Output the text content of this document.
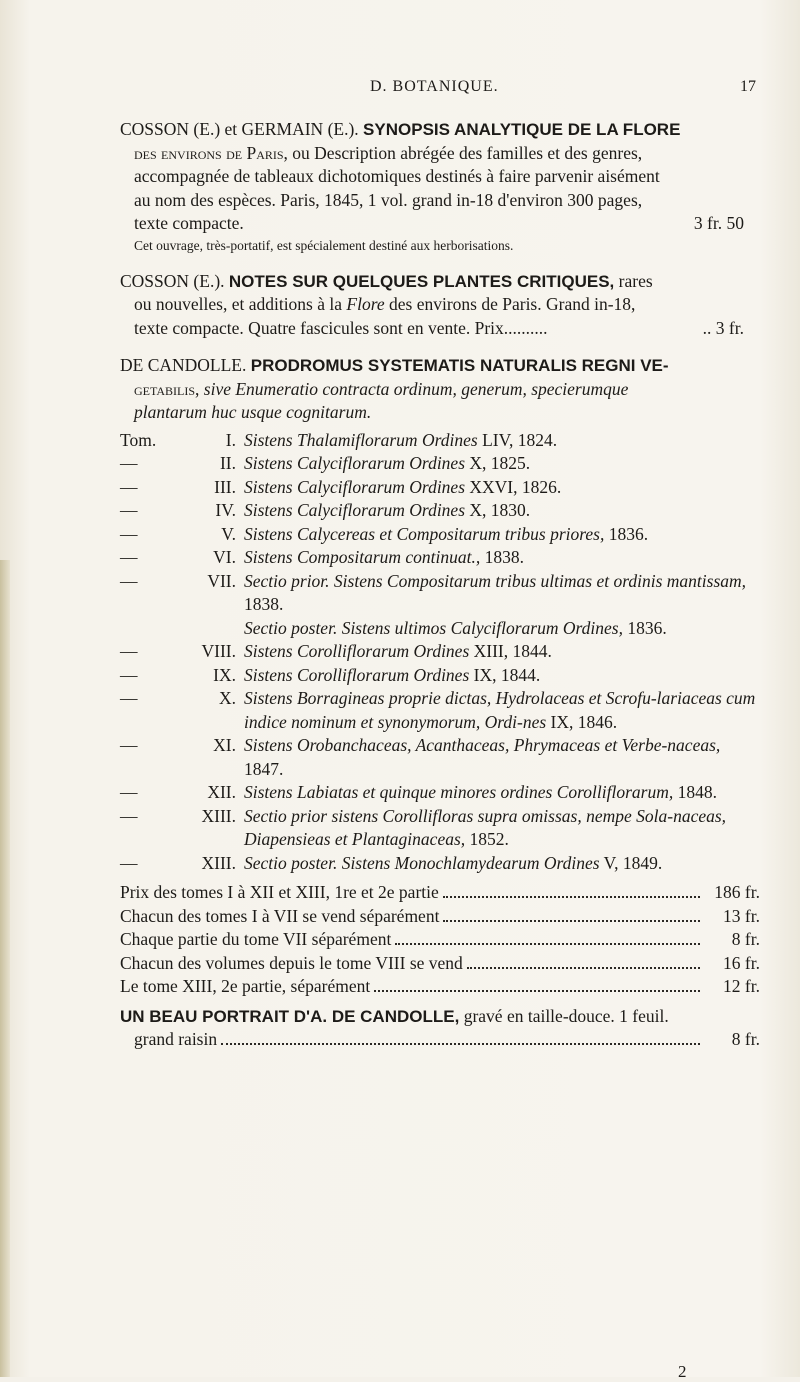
D. BOTANIQUE.	17

COSSON (E.) et GERMAIN (E.). SYNOPSIS ANALYTIQUE DE LA FLORE

des environs de Paris, ou Description abrégée des familles et des genres,

accompagnée de tableaux dichotomiques destinés à faire parvenir aisément

au nom des espèces. Paris, 1845, 1 vol. grand in-18 d'environ 300 pages,

texte compacte.	3 fr. 50

Cet ouvrage, très-portatif, est spécialement destiné aux herborisations.

COSSON (E.). NOTES SUR QUELQUES PLANTES CRITIQUES, rares

ou nouvelles, et additions à la Flore des environs de Paris. Grand in-18,

texte compacte. Quatre fascicules sont en vente. Prix..........	.. 3 fr.

DE CANDOLLE. PRODROMUS SYSTEMATIS NATURALIS REGNI VE-

getabilis, sive Enumeratio contracta ordinum, generum, specierumque

plantarum huc usque cognitarum.

Tom.	I. Sistens Thalamiflorarum Ordines LIV, 1824.
—	II. Sistens Calyciflorarum Ordines X, 1825.
—	III. Sistens Calyciflorarum Ordines XXVI, 1826.
—	IV. Sistens Calyciflorarum Ordines X, 1830.
—	V. Sistens Calycereas et Compositarum tribus priores, 1836.
—	VI. Sistens Compositarum continuat., 1838.
—	VII. Sectio prior. Sistens Compositarum tribus ultimas et ordinis mantissam, 1838.
Sectio poster. Sistens ultimos Calyciflorarum Ordines, 1836.
—	VIII. Sistens Corolliflorarum Ordines XIII, 1844.
—	IX. Sistens Corolliflorarum Ordines IX, 1844.
—	X. Sistens Borragineas proprie dictas, Hydrolaceas et Scrofu-lariaceas cum indice nominum et synonymorum, Ordi-nes IX, 1846.
—	XI. Sistens Orobanchaceas, Acanthaceas, Phrymaceas et Verbe-naceas, 1847.
—	XII. Sistens Labiatas et quinque minores ordines Corolliflorarum, 1848.
—	XIII. Sectio prior sistens Corollifloras supra omissas, nempe Sola-naceas, Diapensieas et Plantaginaceas, 1852.
—	XIII. Sectio poster. Sistens Monochlamydearum Ordines V, 1849.
Prix des tomes I à XII et XIII, 1re et 2e partie	186 fr.
Chacun des tomes I à VII se vend séparément	13 fr.
Chaque partie du tome VII séparément	8 fr.
Chacun des volumes depuis le tome VIII se vend	16 fr.
Le tome XIII, 2e partie, séparément	12 fr.

UN BEAU PORTRAIT D'A. DE CANDOLLE, gravé en taille-douce. 1 feuil.

grand raisin	8 fr.
2
